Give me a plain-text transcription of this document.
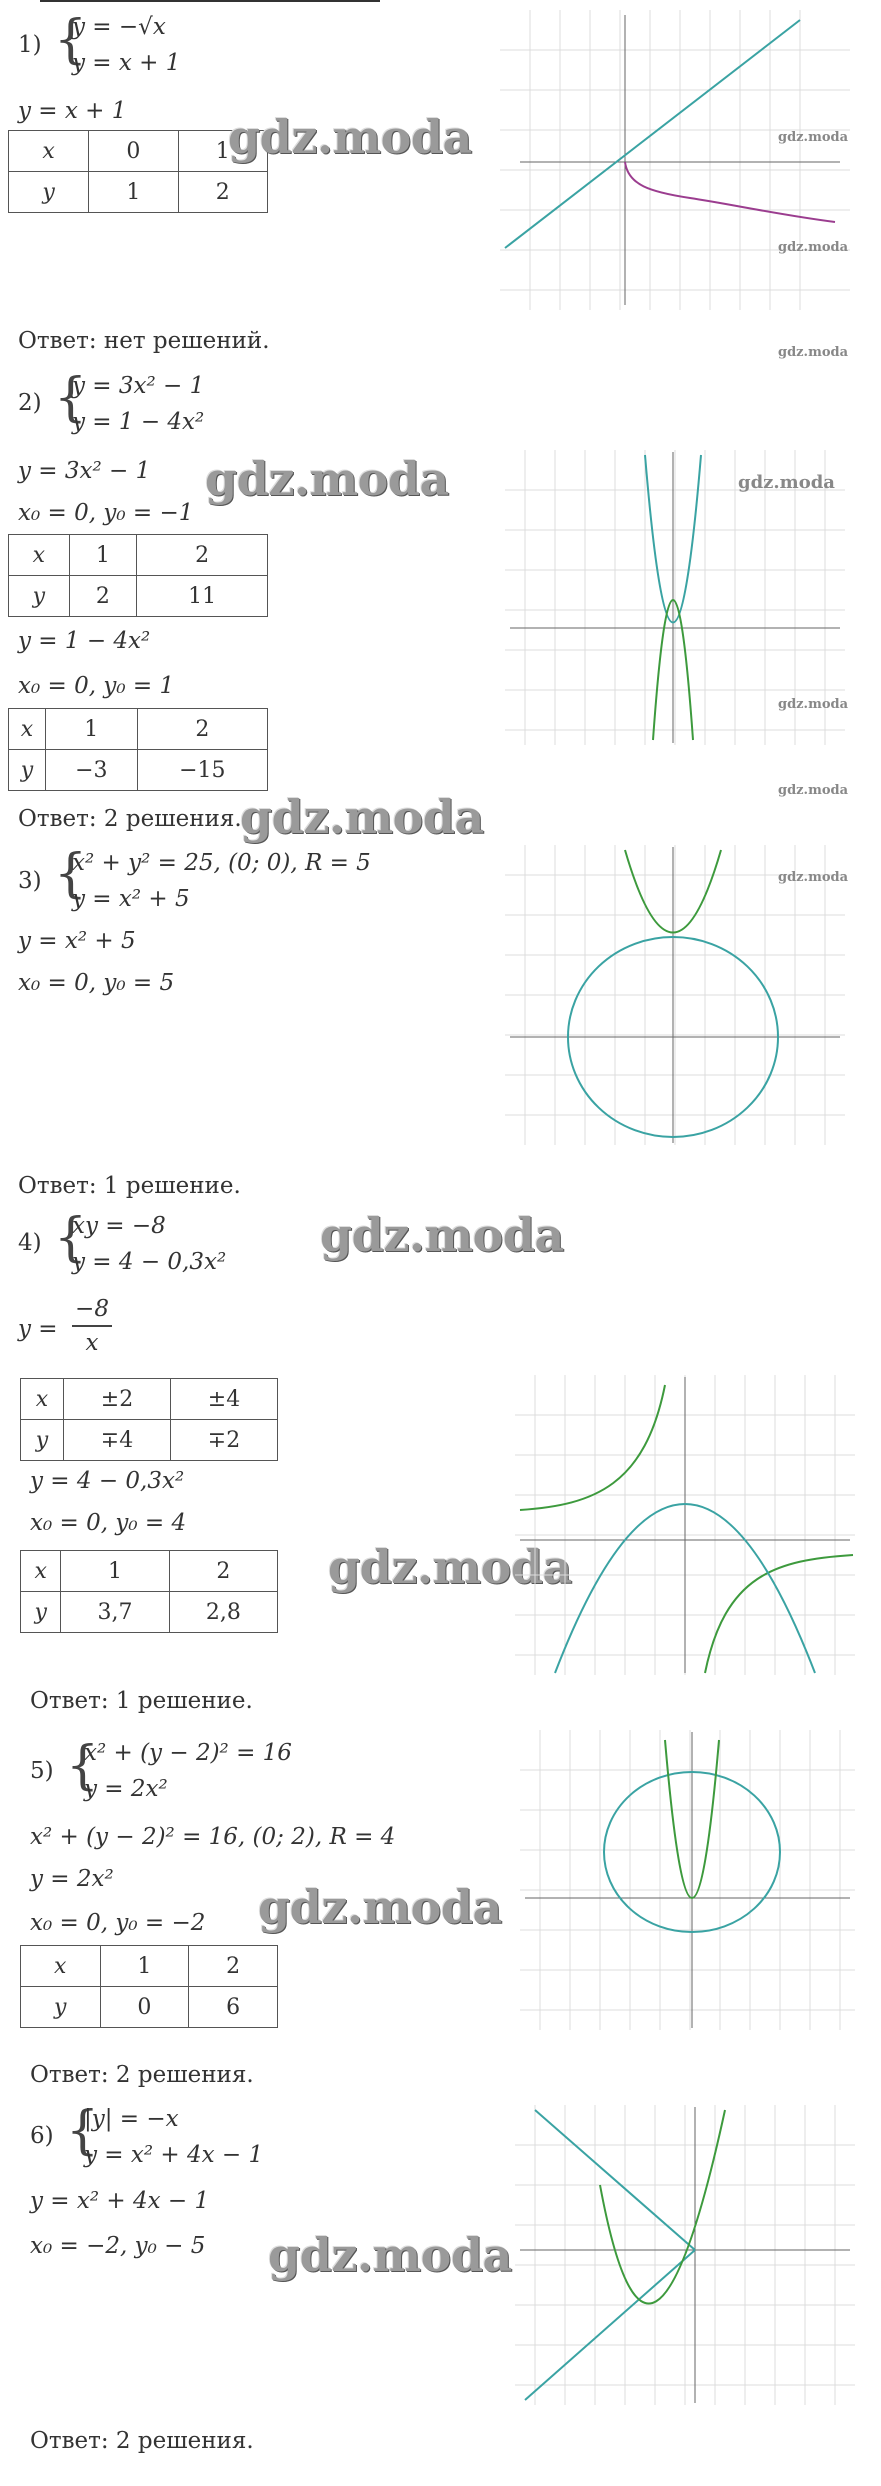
1) {
y = −√x
y = x + 1
y = x + 1
x	0	1
y	1	2
gdz.moda
Ответ: нет решений.
gdz.moda
gdz.moda
gdz.moda
2) {
y = 3x² − 1
y = 1 − 4x²
y = 3x² − 1
x₀ = 0, y₀ = −1
x	1	2
y	2	11
y = 1 − 4x²
x₀ = 0, y₀ = 1
x	1	2
y	−3	−15
gdz.moda
Ответ: 2 решения.
gdz.moda
gdz.moda
gdz.moda
gdz.moda
3) {
x² + y² = 25, (0; 0), R = 5
y = x² + 5
y = x² + 5
x₀ = 0, y₀ = 5
Ответ: 1 решение.
gdz.moda
4) {
xy = −8
y = 4 − 0,3x² gdz.moda
y =
−8
x
x	±2	±4
y	∓4	∓2
y = 4 − 0,3x²
x₀ = 0, y₀ = 4
x	1	2
y	3,7	2,8
gdz.moda
Ответ: 1 решение.
5) {
x² + (y − 2)² = 16
y = 2x²
x² + (y − 2)² = 16, (0; 2), R = 4
y = 2x²
x₀ = 0, y₀ = −2 gdz.moda
x	1	2
y	0	6
Ответ: 2 решения.
6) {
|y| = −x
y = x² + 4x − 1
y = x² + 4x − 1
x₀ = −2, y₀ − 5 gdz.moda
Ответ: 2 решения.
